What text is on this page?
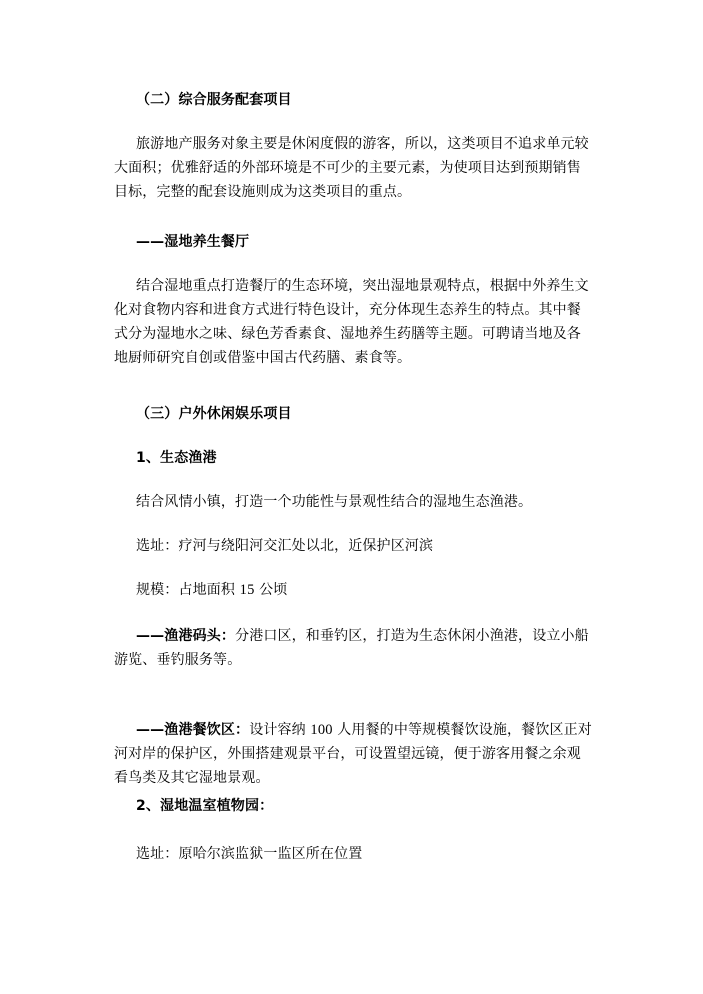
（二）综合服务配套项目

旅游地产服务对象主要是休闲度假的游客，所以，这类项目不追求单元较大面积；优雅舒适的外部环境是不可少的主要元素，为使项目达到预期销售目标，完整的配套设施则成为这类项目的重点。

——湿地养生餐厅

结合湿地重点打造餐厅的生态环境，突出湿地景观特点，根据中外养生文化对食物内容和进食方式进行特色设计，充分体现生态养生的特点。其中餐式分为湿地水之味、绿色芳香素食、湿地养生药膳等主题。可聘请当地及各地厨师研究自创或借鉴中国古代药膳、素食等。

（三）户外休闲娱乐项目

1、生态渔港

结合风情小镇，打造一个功能性与景观性结合的湿地生态渔港。

选址：疗河与绕阳河交汇处以北，近保护区河滨

规模：占地面积 15 公顷

——渔港码头：分港口区，和垂钓区，打造为生态休闲小渔港，设立小船游览、垂钓服务等。

——渔港餐饮区：设计容纳 100 人用餐的中等规模餐饮设施，餐饮区正对河对岸的保护区，外围搭建观景平台，可设置望远镜，便于游客用餐之余观看鸟类及其它湿地景观。

2、湿地温室植物园：

选址：原哈尔滨监狱一监区所在位置
